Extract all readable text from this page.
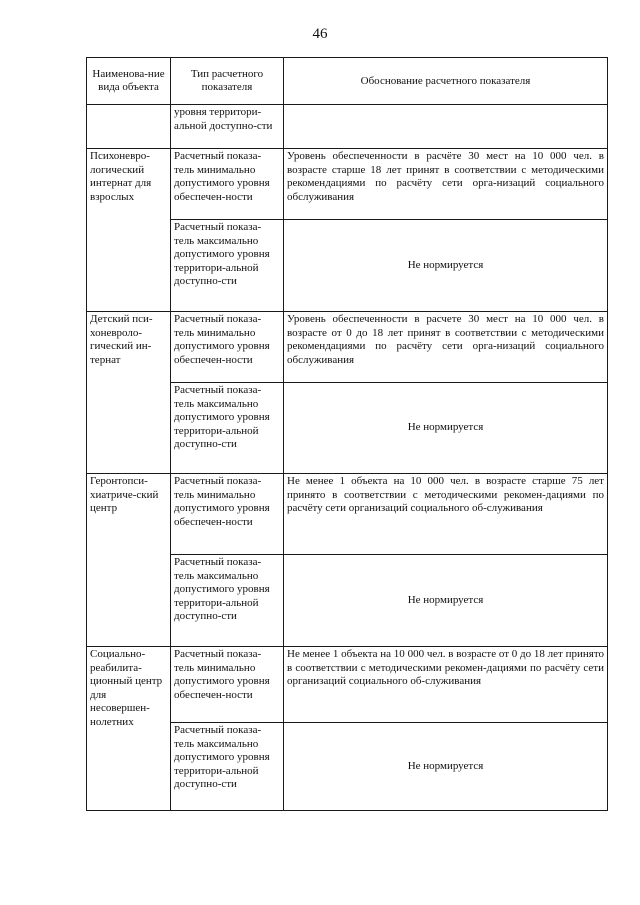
46
Наименова-ние вида объекта	Тип расчетного показателя	Обоснование расчетного показателя
	уровня территори-альной доступно-сти	
Психоневро-логический интернат для взрослых	Расчетный показа-тель минимально допустимого уровня обеспечен-ности	Уровень обеспеченности в расчёте 30 мест на 10 000 чел. в возрасте старше 18 лет принят в соответствии с методическими рекомендациями по расчёту сети орга-низаций социального обслуживания
	Расчетный показа-тель максимально допустимого уровня территори-альной доступно-сти	Не нормируется
Детский пси-хоневроло-гический ин-тернат	Расчетный показа-тель минимально допустимого уровня обеспечен-ности	Уровень обеспеченности в расчете 30 мест на 10 000 чел. в возрасте от 0 до 18 лет принят в соответствии с методическими рекомендациями по расчёту сети орга-низаций социального обслуживания
	Расчетный показа-тель максимально допустимого уровня территори-альной доступно-сти	Не нормируется
Геронтопси-хиатриче-ский центр	Расчетный показа-тель минимально допустимого уровня обеспечен-ности	Не менее 1 объекта на 10 000 чел. в возрасте старше 75 лет принято в соответствии с методическими рекомен-дациями по расчёту сети организаций социального об-служивания
	Расчетный показа-тель максимально допустимого уровня территори-альной доступно-сти	Не нормируется
Социально-реабилита-ционный центр для несовершен-нолетних	Расчетный показа-тель минимально допустимого уровня обеспечен-ности	Не менее 1 объекта на 10 000 чел. в возрасте от 0 до 18 лет принято в соответствии с методическими рекомен-дациями по расчёту сети организаций социального об-служивания
	Расчетный показа-тель максимально допустимого уровня территори-альной доступно-сти	Не нормируется
